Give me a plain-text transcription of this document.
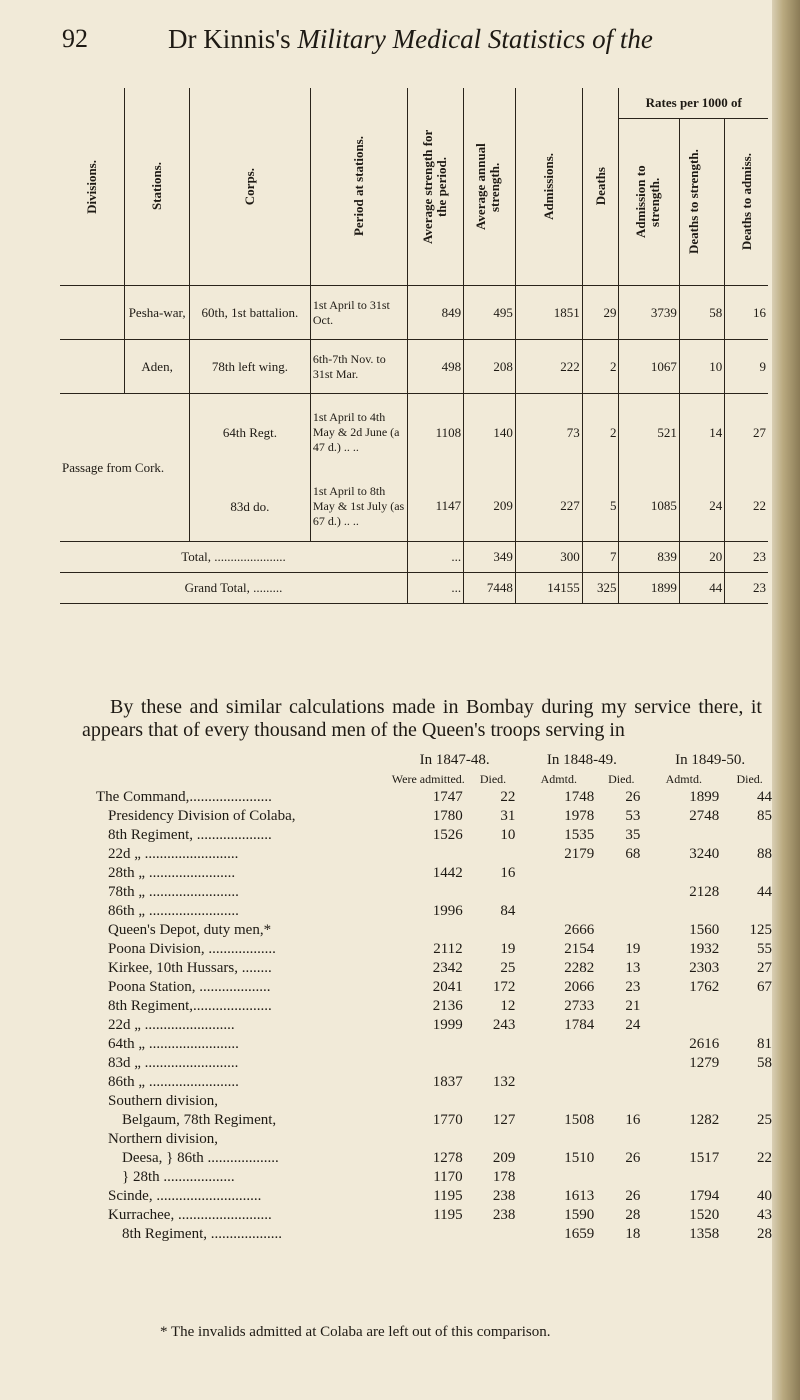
92	Dr Kinnis's Military Medical Statistics of the
Divisions.	Stations.	Corps.	Period at stations.	Average strength for the period.	Average annual strength.	Admissions.	Deaths	Rates per 1000 of		

								Admission to strength.	Deaths to strength.	Deaths to admiss.

	Pesha-war,	60th, 1st battalion.	1st April to 31st Oct.	849	495	1851	29	3739	58	16
	Aden,	78th left wing.	6th-7th Nov. to 31st Mar.	498	208	222	2	1067	10	9
Passage from Cork.		64th Regt.	1st April to 4th May & 2d June (a 47 d.) .. ..	1108	140	73	2	521	14	27
		83d do.	1st April to 8th May & 1st July (as 67 d.) .. ..	1147	209	227	5	1085	24	22
Total, ......................				...	349	300	7	839	20	23
Grand Total, .........				...	7448	14155	325	1899	44	23

By these and similar calculations made in Bombay during my service there, it appears that of every thousand men of the Queen's troops serving in

	In 1847-48.		In 1848-49.		In 1849-50.	
	Were admitted.	Died.	Admtd.	Died.	Admtd.	Died.
The Command,......................	1747	22	1748	26	1899	44
Presidency Division of Colaba,	1780	31	1978	53	2748	85
8th Regiment, ....................	1526	10	1535	35		
22d „ .........................			2179	68	3240	88
28th „ .......................	1442	16				
78th „ ........................					2128	44
86th „ ........................	1996	84				
Queen's Depot, duty men,*			2666		1560	125
Poona Division, ..................	2112	19	2154	19	1932	55
Kirkee, 10th Hussars, ........	2342	25	2282	13	2303	27
Poona Station, ...................	2041	172	2066	23	1762	67
8th Regiment,.....................	2136	12	2733	21		
22d „ ........................	1999	243	1784	24		
64th „ ........................					2616	81
83d „ .........................					1279	58
86th „ ........................	1837	132				
Southern division,						
Belgaum, 78th Regiment,	1770	127	1508	16	1282	25
Northern division,						
Deesa, } 86th ...................	1278	209	1510	26	1517	22
} 28th ...................	1170	178				
Scinde, ............................	1195	238	1613	26	1794	40
Kurrachee, .........................	1195	238	1590	28	1520	43
8th Regiment, ...................			1659	18	1358	28
* The invalids admitted at Colaba are left out of this comparison.
